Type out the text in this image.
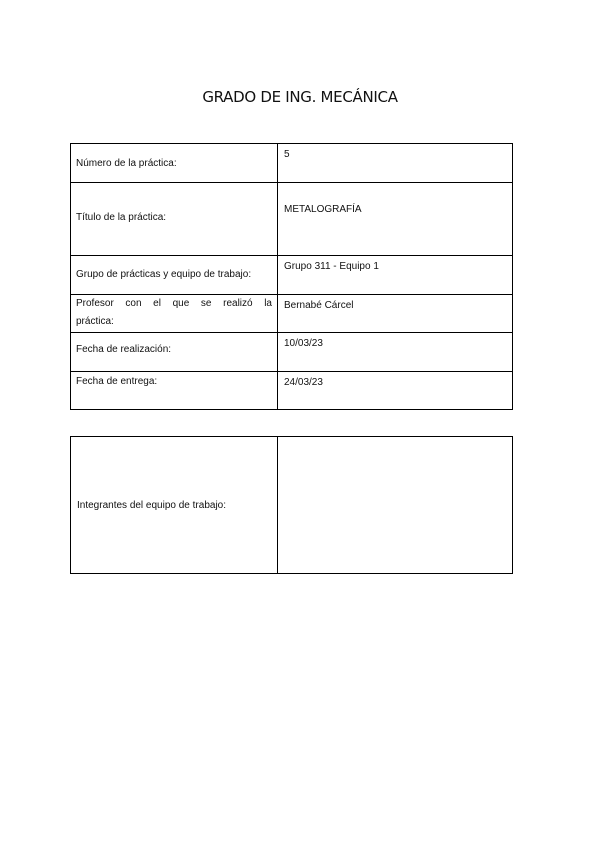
GRADO DE ING. MECÁNICA
Número de la práctica:	5

Título de la práctica:	METALOGRAFÍA

Grupo de prácticas y equipo de trabajo:	Grupo 311 - Equipo 1

Profesor con el que se realizó la
práctica:	Bernabé Cárcel

Fecha de realización:	10/03/23

Fecha de entrega:	24/03/23
Integrantes del equipo de trabajo:
